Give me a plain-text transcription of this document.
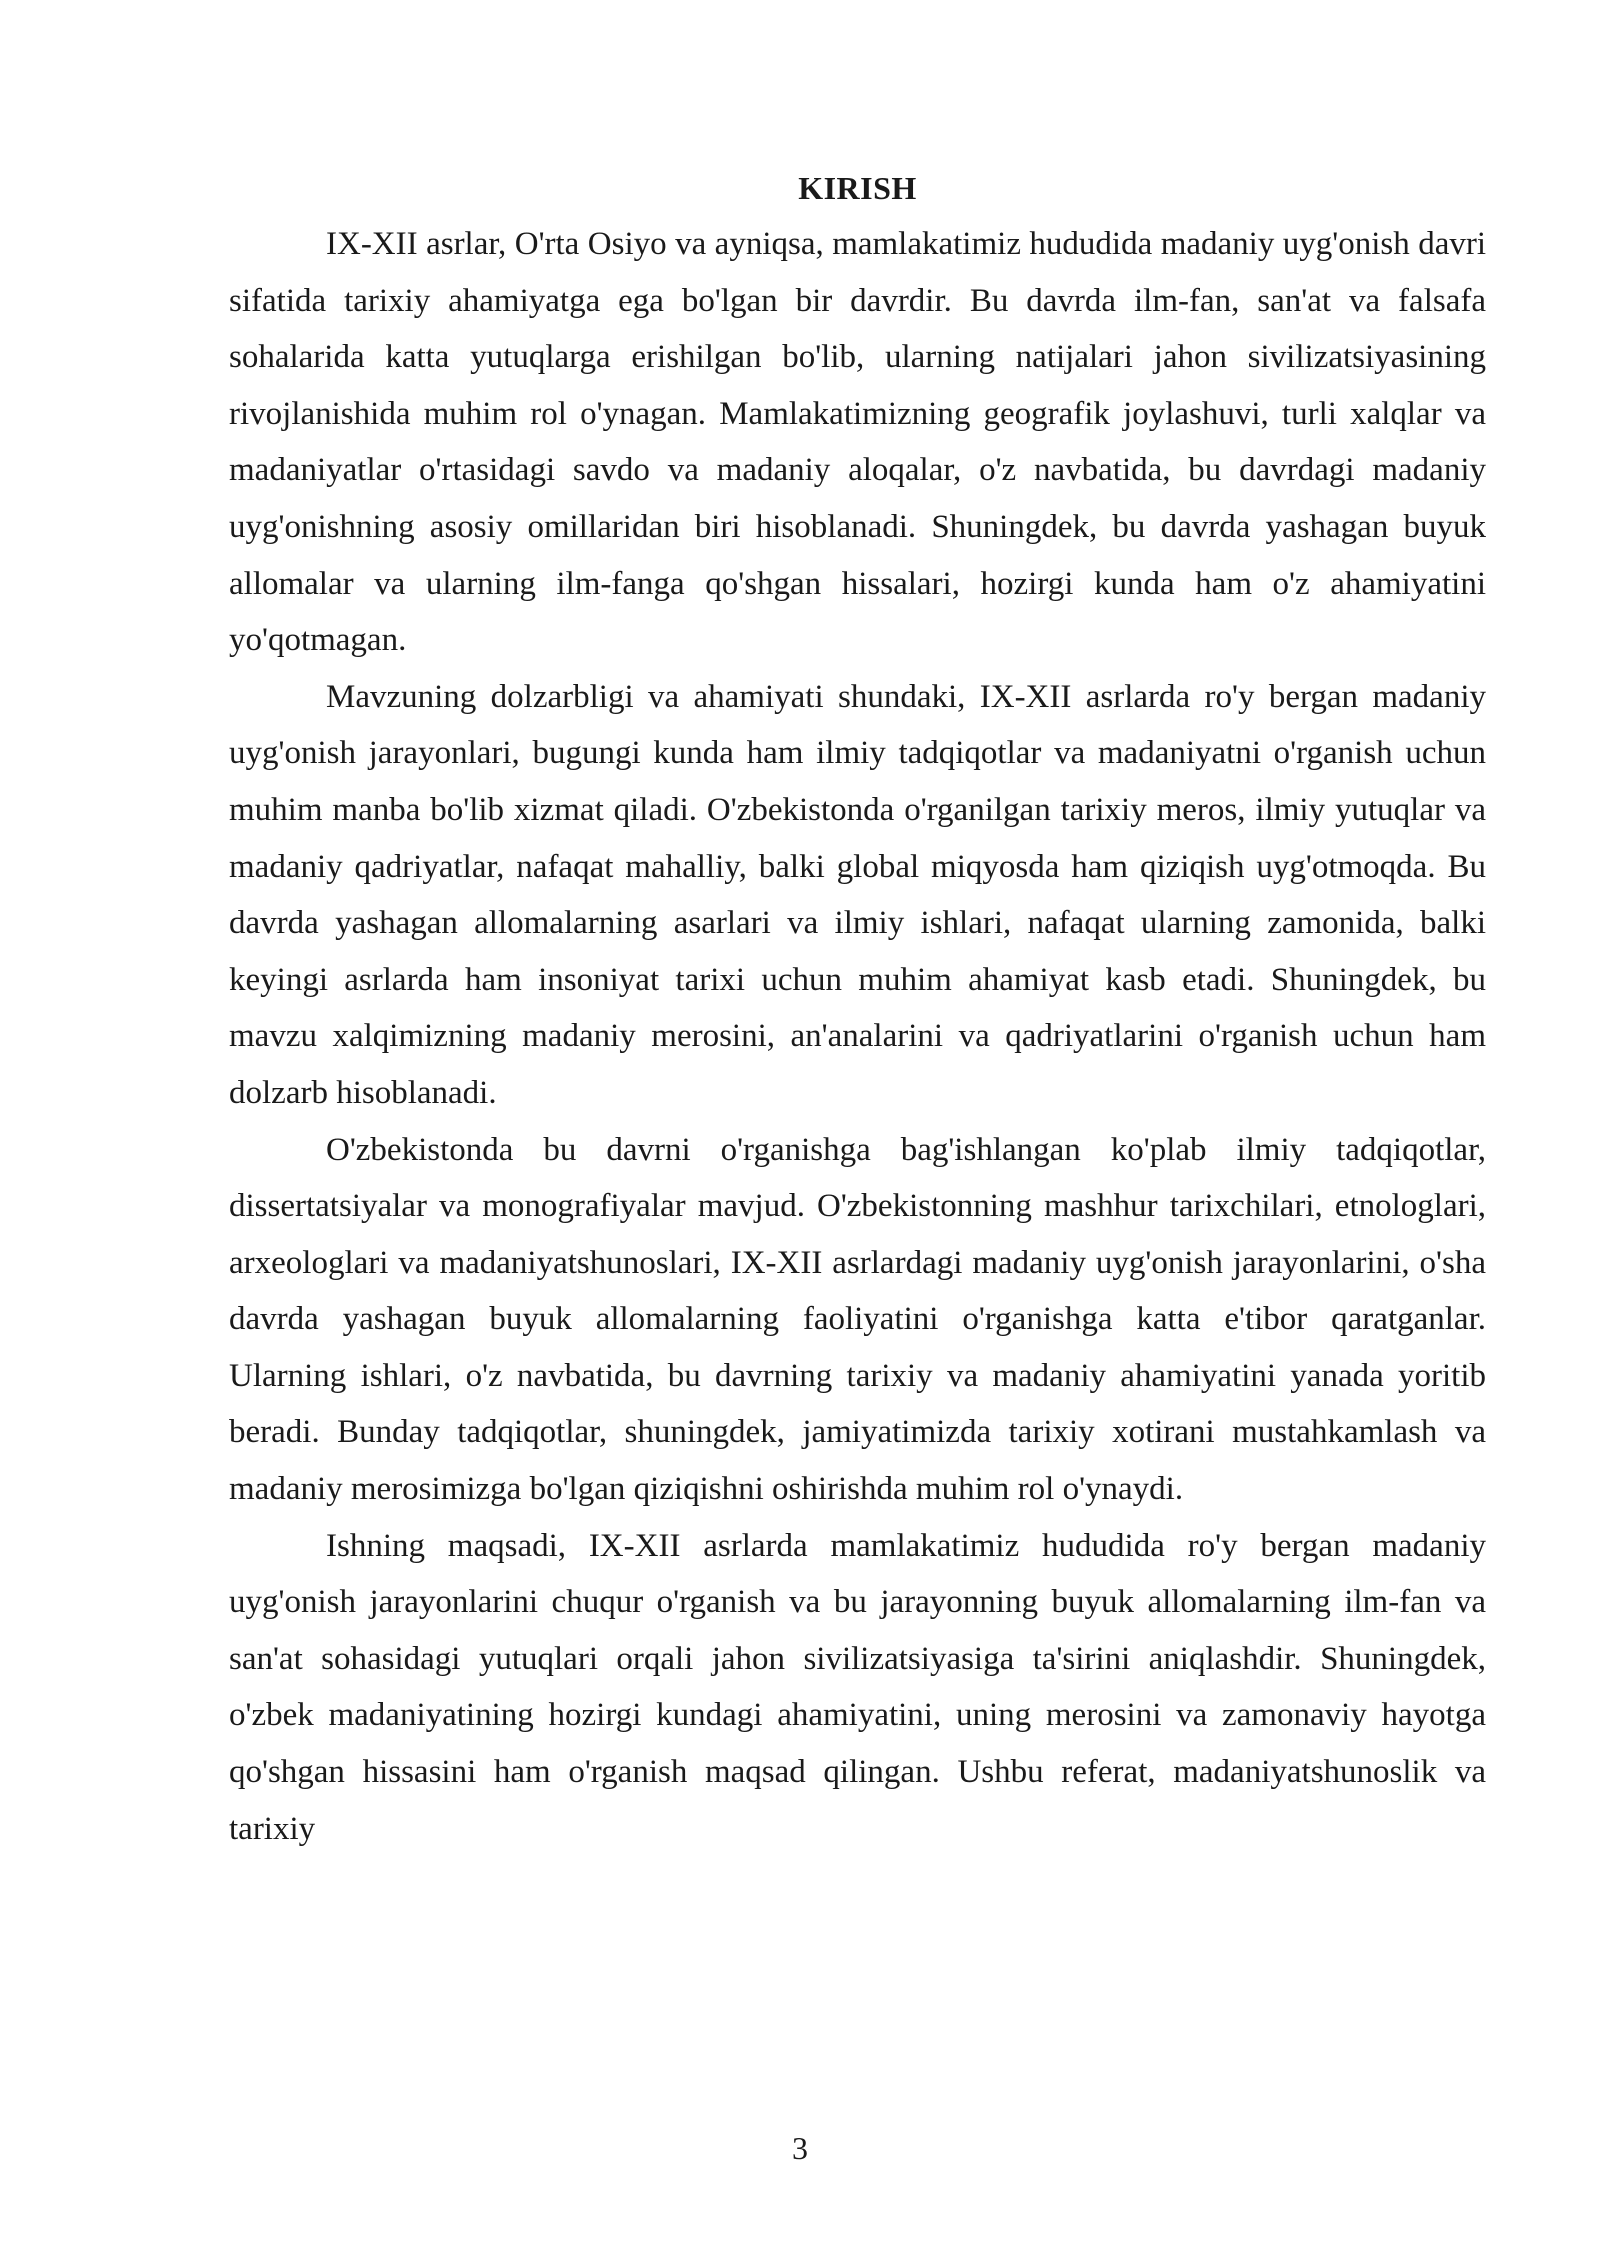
KIRISH

IX-XII asrlar, O'rta Osiyo va ayniqsa, mamlakatimiz hududida madaniy uyg'onish davri sifatida tarixiy ahamiyatga ega bo'lgan bir davrdir. Bu davrda ilm-fan, san'at va falsafa sohalarida katta yutuqlarga erishilgan bo'lib, ularning natijalari jahon sivilizatsiyasining rivojlanishida muhim rol o'ynagan. Mamlakatimizning geografik joylashuvi, turli xalqlar va madaniyatlar o'rtasidagi savdo va madaniy aloqalar, o'z navbatida, bu davrdagi madaniy uyg'onishning asosiy omillaridan biri hisoblanadi. Shuningdek, bu davrda yashagan buyuk allomalar va ularning ilm-fanga qo'shgan hissalari, hozirgi kunda ham o'z ahamiyatini yo'qotmagan.

Mavzuning dolzarbligi va ahamiyati shundaki, IX-XII asrlarda ro'y bergan madaniy uyg'onish jarayonlari, bugungi kunda ham ilmiy tadqiqotlar va madaniyatni o'rganish uchun muhim manba bo'lib xizmat qiladi. O'zbekistonda o'rganilgan tarixiy meros, ilmiy yutuqlar va madaniy qadriyatlar, nafaqat mahalliy, balki global miqyosda ham qiziqish uyg'otmoqda. Bu davrda yashagan allomalarning asarlari va ilmiy ishlari, nafaqat ularning zamonida, balki keyingi asrlarda ham insoniyat tarixi uchun muhim ahamiyat kasb etadi. Shuningdek, bu mavzu xalqimizning madaniy merosini, an'analarini va qadriyatlarini o'rganish uchun ham dolzarb hisoblanadi.

O'zbekistonda bu davrni o'rganishga bag'ishlangan ko'plab ilmiy tadqiqotlar, dissertatsiyalar va monografiyalar mavjud. O'zbekistonning mashhur tarixchilari, etnologlari, arxeologlari va madaniyatshunoslari, IX-XII asrlardagi madaniy uyg'onish jarayonlarini, o'sha davrda yashagan buyuk allomalarning faoliyatini o'rganishga katta e'tibor qaratganlar. Ularning ishlari, o'z navbatida, bu davrning tarixiy va madaniy ahamiyatini yanada yoritib beradi. Bunday tadqiqotlar, shuningdek, jamiyatimizda tarixiy xotirani mustahkamlash va madaniy merosimizga bo'lgan qiziqishni oshirishda muhim rol o'ynaydi.

Ishning maqsadi, IX-XII asrlarda mamlakatimiz hududida ro'y bergan madaniy uyg'onish jarayonlarini chuqur o'rganish va bu jarayonning buyuk allomalarning ilm-fan va san'at sohasidagi yutuqlari orqali jahon sivilizatsiyasiga ta'sirini aniqlashdir. Shuningdek, o'zbek madaniyatining hozirgi kundagi ahamiyatini, uning merosini va zamonaviy hayotga qo'shgan hissasini ham o'rganish maqsad qilingan. Ushbu referat, madaniyatshunoslik va tarixiy

3
